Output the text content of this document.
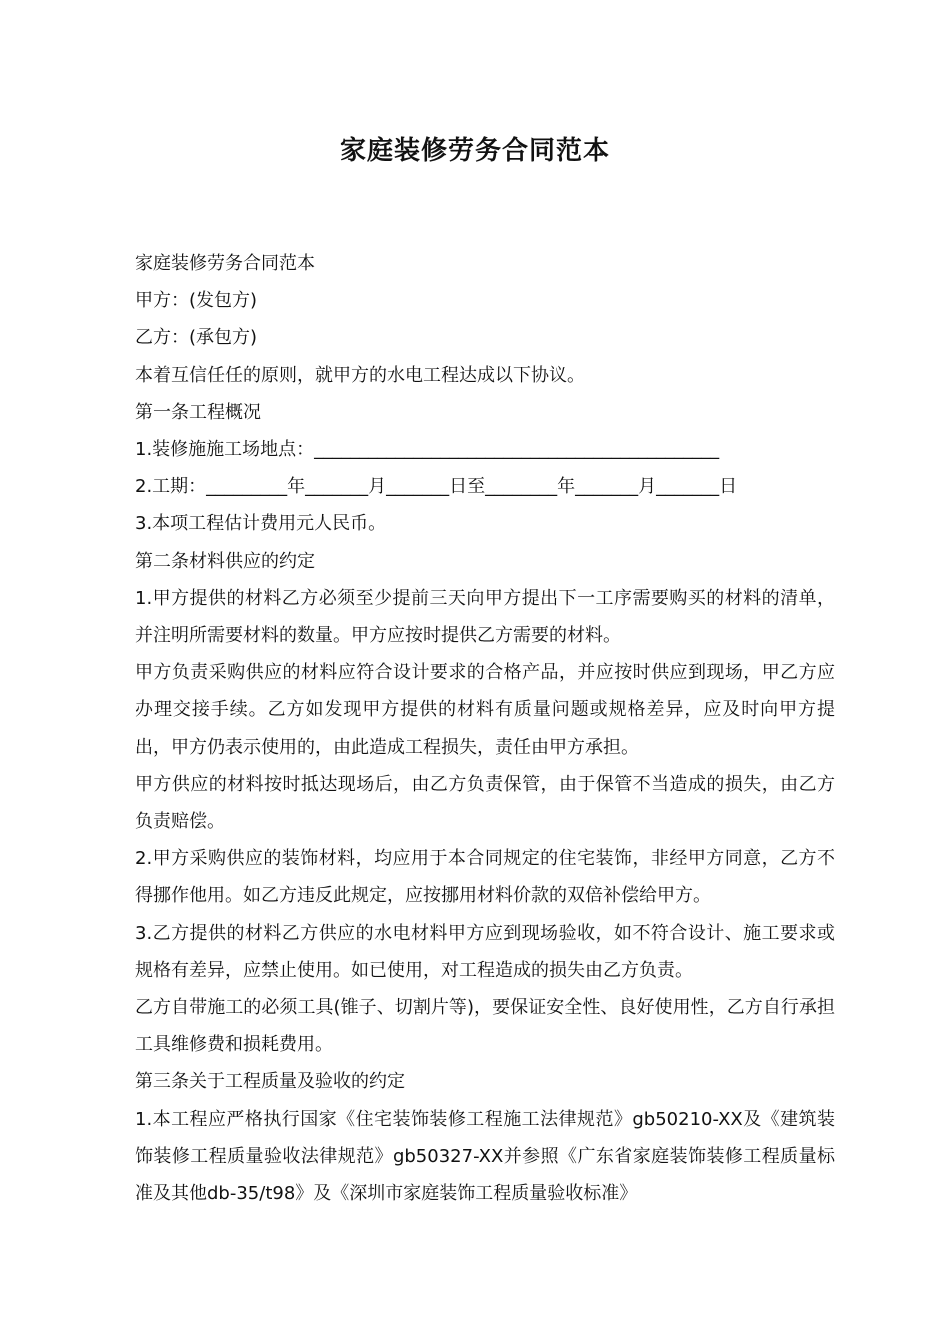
家庭装修劳务合同范本

家庭装修劳务合同范本

甲方：(发包方)

乙方：(承包方)

本着互信任任的原则，就甲方的水电工程达成以下协议。

第一条工程概况

1.装修施施工场地点：_____________________________________________

2.工期：_________年_______月_______日至________年_______月_______日

3.本项工程估计费用元人民币。

第二条材料供应的约定

1.甲方提供的材料乙方必须至少提前三天向甲方提出下一工序需要购买的材料的清单，并注明所需要材料的数量。甲方应按时提供乙方需要的材料。

甲方负责采购供应的材料应符合设计要求的合格产品，并应按时供应到现场，甲乙方应办理交接手续。乙方如发现甲方提供的材料有质量问题或规格差异，应及时向甲方提出，甲方仍表示使用的，由此造成工程损失，责任由甲方承担。

甲方供应的材料按时抵达现场后，由乙方负责保管，由于保管不当造成的损失，由乙方负责赔偿。

2.甲方采购供应的装饰材料，均应用于本合同规定的住宅装饰，非经甲方同意，乙方不得挪作他用。如乙方违反此规定，应按挪用材料价款的双倍补偿给甲方。

3.乙方提供的材料乙方供应的水电材料甲方应到现场验收，如不符合设计、施工要求或规格有差异，应禁止使用。如已使用，对工程造成的损失由乙方负责。

乙方自带施工的必须工具(锥子、切割片等)，要保证安全性、良好使用性，乙方自行承担工具维修费和损耗费用。

第三条关于工程质量及验收的约定

1.本工程应严格执行国家《住宅装饰装修工程施工法律规范》gb50210-XX及《建筑装饰装修工程质量验收法律规范》gb50327-XX并参照《广东省家庭装饰装修工程质量标准及其他db-35/t98》及《深圳市家庭装饰工程质量验收标准》
